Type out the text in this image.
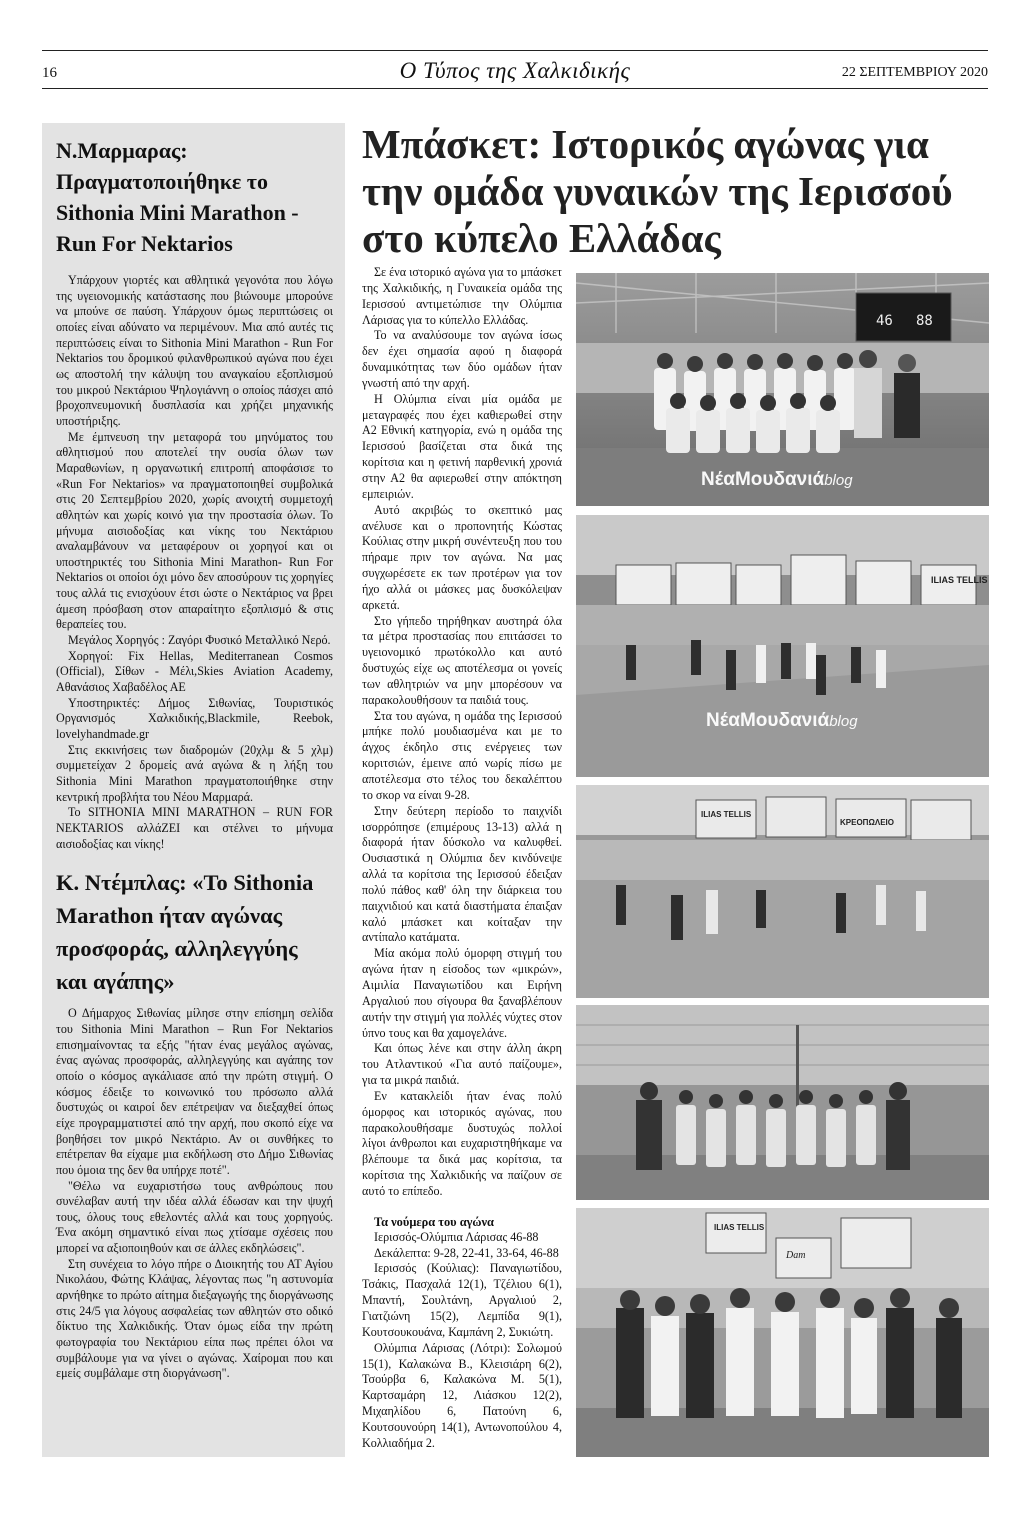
16	Ο Τύπος της Χαλκιδικής	22 ΣΕΠΤΕΜΒΡΙΟΥ 2020
Ν.Μαρμαρας: Πραγματοποιήθηκε το Sithonia Mini Marathon - Run For Nektarios

Υπάρχουν γιορτές και αθλητικά γεγονότα που λόγω της υγειονομικής κατάστασης που βιώνουμε μπορούνε να μπούνε σε παύση. Υπάρχουν όμως περιπτώσεις οι οποίες είναι αδύνατο να περιμένουν. Μια από αυτές τις περιπτώσεις είναι το Sithonia Mini Marathon - Run For Nektarios του δρομικού φιλανθρωπικού αγώνα που έχει ως αποστολή την κάλυψη του αναγκαίου εξοπλισμού του μικρού Νεκτάριου Ψηλογιάννη ο οποίος πάσχει από βροχοπνευμονική δυσπλασία και χρήζει μηχανικής υποστήριξης.

Με έμπνευση την μεταφορά του μηνύματος του αθλητισμού που αποτελεί την ουσία όλων των Μαραθωνίων, η οργανωτική επιτροπή αποφάσισε το «Run For Nektarios» να πραγματοποιηθεί συμβολικά στις 20 Σεπτεμβρίου 2020, χωρίς ανοιχτή συμμετοχή αθλητών και χωρίς κοινό για την προστασία όλων. Το μήνυμα αισιοδοξίας και νίκης του Νεκτάριου αναλαμβάνουν να μεταφέρουν οι χορηγοί και οι υποστηρικτές του Sithonia Mini Marathon- Run For Nektarios οι οποίοι όχι μόνο δεν αποσύρουν τις χορηγίες τους αλλά τις ενισχύουν έτσι ώστε ο Νεκτάριος να βρει άμεση πρόσβαση στον απαραίτητο εξοπλισμό & στις θεραπείες του.

Μεγάλος Χορηγός : Ζαγόρι Φυσικό Μεταλλικό Νερό.

Χορηγοί: Fix Hellas, Mediterranean Cosmos (Official), Σίθων - Μέλι,Skies Aviation Academy, Αθανάσιος Χαβαδέλος ΑΕ

Υποστηρικτές: Δήμος Σιθωνίας, Τουριστικός Οργανισμός Χαλκιδικής,Blackmile, Reebok, lovelyhandmade.gr

Στις εκκινήσεις των διαδρομών (20χλμ & 5 χλμ) συμμετείχαν 2 δρομείς ανά αγώνα & η λήξη του Sithonia Mini Marathon πραγματοποιήθηκε στην κεντρική προβλήτα του Νέου Μαρμαρά.

Το SITHONIA MINI MARATHON – RUN FOR NEKTARIOS αλλάΖΕΙ και στέλνει το μήνυμα αισιοδοξίας και νίκης!

Κ. Ντέμπλας: «Το Sithonia Marathon ήταν αγώνας προσφοράς, αλληλεγγύης και αγάπης»

Ο Δήμαρχος Σιθωνίας μίλησε στην επίσημη σελίδα του Sithonia Mini Marathon – Run For Nektarios επισημαίνοντας τα εξής "ήταν ένας μεγάλος αγώνας, ένας αγώνας προσφοράς, αλληλεγγύης και αγάπης τον οποίο ο κόσμος αγκάλιασε από την πρώτη στιγμή. Ο κόσμος έδειξε το κοινωνικό του πρόσωπο αλλά δυστυχώς οι καιροί δεν επέτρεψαν να διεξαχθεί όπως είχε προγραμματιστεί από την αρχή, που σκοπό είχε να βοηθήσει τον μικρό Νεκτάριο. Αν οι συνθήκες το επέτρεπαν θα είχαμε μια εκδήλωση στο Δήμο Σιθωνίας που όμοια της δεν θα υπήρχε ποτέ".

"Θέλω να ευχαριστήσω τους ανθρώπους που συνέλαβαν αυτή την ιδέα αλλά έδωσαν και την ψυχή τους, όλους τους εθελοντές αλλά και τους χορηγούς. Ένα ακόμη σημαντικό είναι πως χτίσαμε σχέσεις που μπορεί να αξιοποιηθούν και σε άλλες εκδηλώσεις".

Στη συνέχεια το λόγο πήρε ο Διοικητής του ΑΤ Αγίου Νικολάου, Φώτης Κλάψας, λέγοντας πως "η αστυνομία αρνήθηκε το πρώτο αίτημα διεξαγωγής της διοργάνωσης στις 24/5 για λόγους ασφαλείας των αθλητών στο οδικό δίκτυο της Χαλκιδικής. Όταν όμως είδα την πρώτη φωτογραφία του Νεκτάριου είπα πως πρέπει όλοι να συμβάλουμε για να γίνει ο αγώνας. Χαίρομαι που και εμείς συμβάλαμε στη διοργάνωση".

Μπάσκετ: Ιστορικός αγώνας για την ομάδα γυναικών της Ιερισσού στο κύπελο Ελλάδας

Σε ένα ιστορικό αγώνα για το μπάσκετ της Χαλκιδικής, η Γυναικεία ομάδα της Ιερισσού αντιμετώπισε την Ολύμπια Λάρισας για το κύπελλο Ελλάδας.

Το να αναλύσουμε τον αγώνα ίσως δεν έχει σημασία αφού η διαφορά δυναμικότητας των δύο ομάδων ήταν γνωστή από την αρχή.

Η Ολύμπια είναι μία ομάδα με μεταγραφές που έχει καθιερωθεί στην Α2 Εθνική κατηγορία, ενώ η ομάδα της Ιερισσού βασίζεται στα δικά της κορίτσια και η φετινή παρθενική χρονιά στην Α2 θα αφιερωθεί στην απόκτηση εμπειριών.

Αυτό ακριβώς το σκεπτικό μας ανέλυσε και ο προπονητής Κώστας Κούλιας στην μικρή συνέντευξη που του πήραμε πριν τον αγώνα. Να μας συγχωρέσετε εκ των προτέρων για τον ήχο αλλά οι μάσκες μας δυσκόλεψαν αρκετά.

Στο γήπεδο τηρήθηκαν αυστηρά όλα τα μέτρα προστασίας που επιτάσσει το υγειονομικό πρωτόκολλο και αυτό δυστυχώς είχε ως αποτέλεσμα οι γονείς των αθλητριών να μην μπορέσουν να παρακολουθήσουν τα παιδιά τους.

Στα του αγώνα, η ομάδα της Ιερισσού μπήκε πολύ μουδιασμένα και με το άγχος έκδηλο στις ενέργειες των κοριτσιών, έμεινε από νωρίς πίσω με αποτέλεσμα στο τέλος του δεκαλέπτου το σκορ να είναι 9-28.

Στην δεύτερη περίοδο το παιχνίδι ισορρόπησε (επιμέρους 13-13) αλλά η διαφορά ήταν δύσκολο να καλυφθεί. Ουσιαστικά η Ολύμπια δεν κινδύνεψε αλλά τα κορίτσια της Ιερισσού έδειξαν πολύ πάθος καθ' όλη την διάρκεια του παιχνιδιού και κατά διαστήματα έπαιξαν καλό μπάσκετ και κοίταξαν την αντίπαλο κατάματα.

Μία ακόμα πολύ όμορφη στιγμή του αγώνα ήταν η είσοδος των «μικρών», Αιμιλία Παναγιωτίδου και Ειρήνη Αργαλιού που σίγουρα θα ξαναβλέπουν αυτήν την στιγμή για πολλές νύχτες στον ύπνο τους και θα χαμογελάνε.

Και όπως λένε και στην άλλη άκρη του Ατλαντικού «Για αυτό παίζουμε», για τα μικρά παιδιά.

Εν κατακλείδι ήταν ένας πολύ όμορφος και ιστορικός αγώνας, που παρακολουθήσαμε δυστυχώς πολλοί λίγοι άνθρωποι και ευχαριστηθήκαμε να βλέπουμε τα δικά μας κορίτσια, τα κορίτσια της Χαλκιδικής να παίζουν σε αυτό το επίπεδο.

Τα νούμερα του αγώνα

Ιερισσός-Ολύμπια Λάρισας 46-88

Δεκάλεπτα: 9-28, 22-41, 33-64, 46-88

Ιερισσός (Κούλιας): Παναγιωτίδου, Τσάκις, Πασχαλά 12(1), Τζέλιου 6(1), Μπαντή, Σουλτάνη, Αργαλιού 2, Γιατζιώνη 15(2), Λεμπίδα 9(1), Κουτσουκουάνα, Καμπάνη 2, Συκιώτη.

Ολύμπια Λάρισας (Λότρι): Σολωμού 15(1), Καλακώνα Β., Κλεισιάρη 6(2), Τσούρβα 6, Καλακώνα Μ. 5(1), Καρτσαμάρη 12, Λιάσκου 12(2), Μιχαηλίδου 6, Πατούνη 6, Κουτσουνούρη 14(1), Αντωνοπούλου 4, Κολλιαδήμα 2.

46 88
ΝέαΜουδανιάblog
ILIAS TELLIS
ΝέαΜουδανιάblog
ILIAS TELLIS
ΚΡΕΟΠΩΛΕΙΟ
ILIAS TELLIS
Dam
